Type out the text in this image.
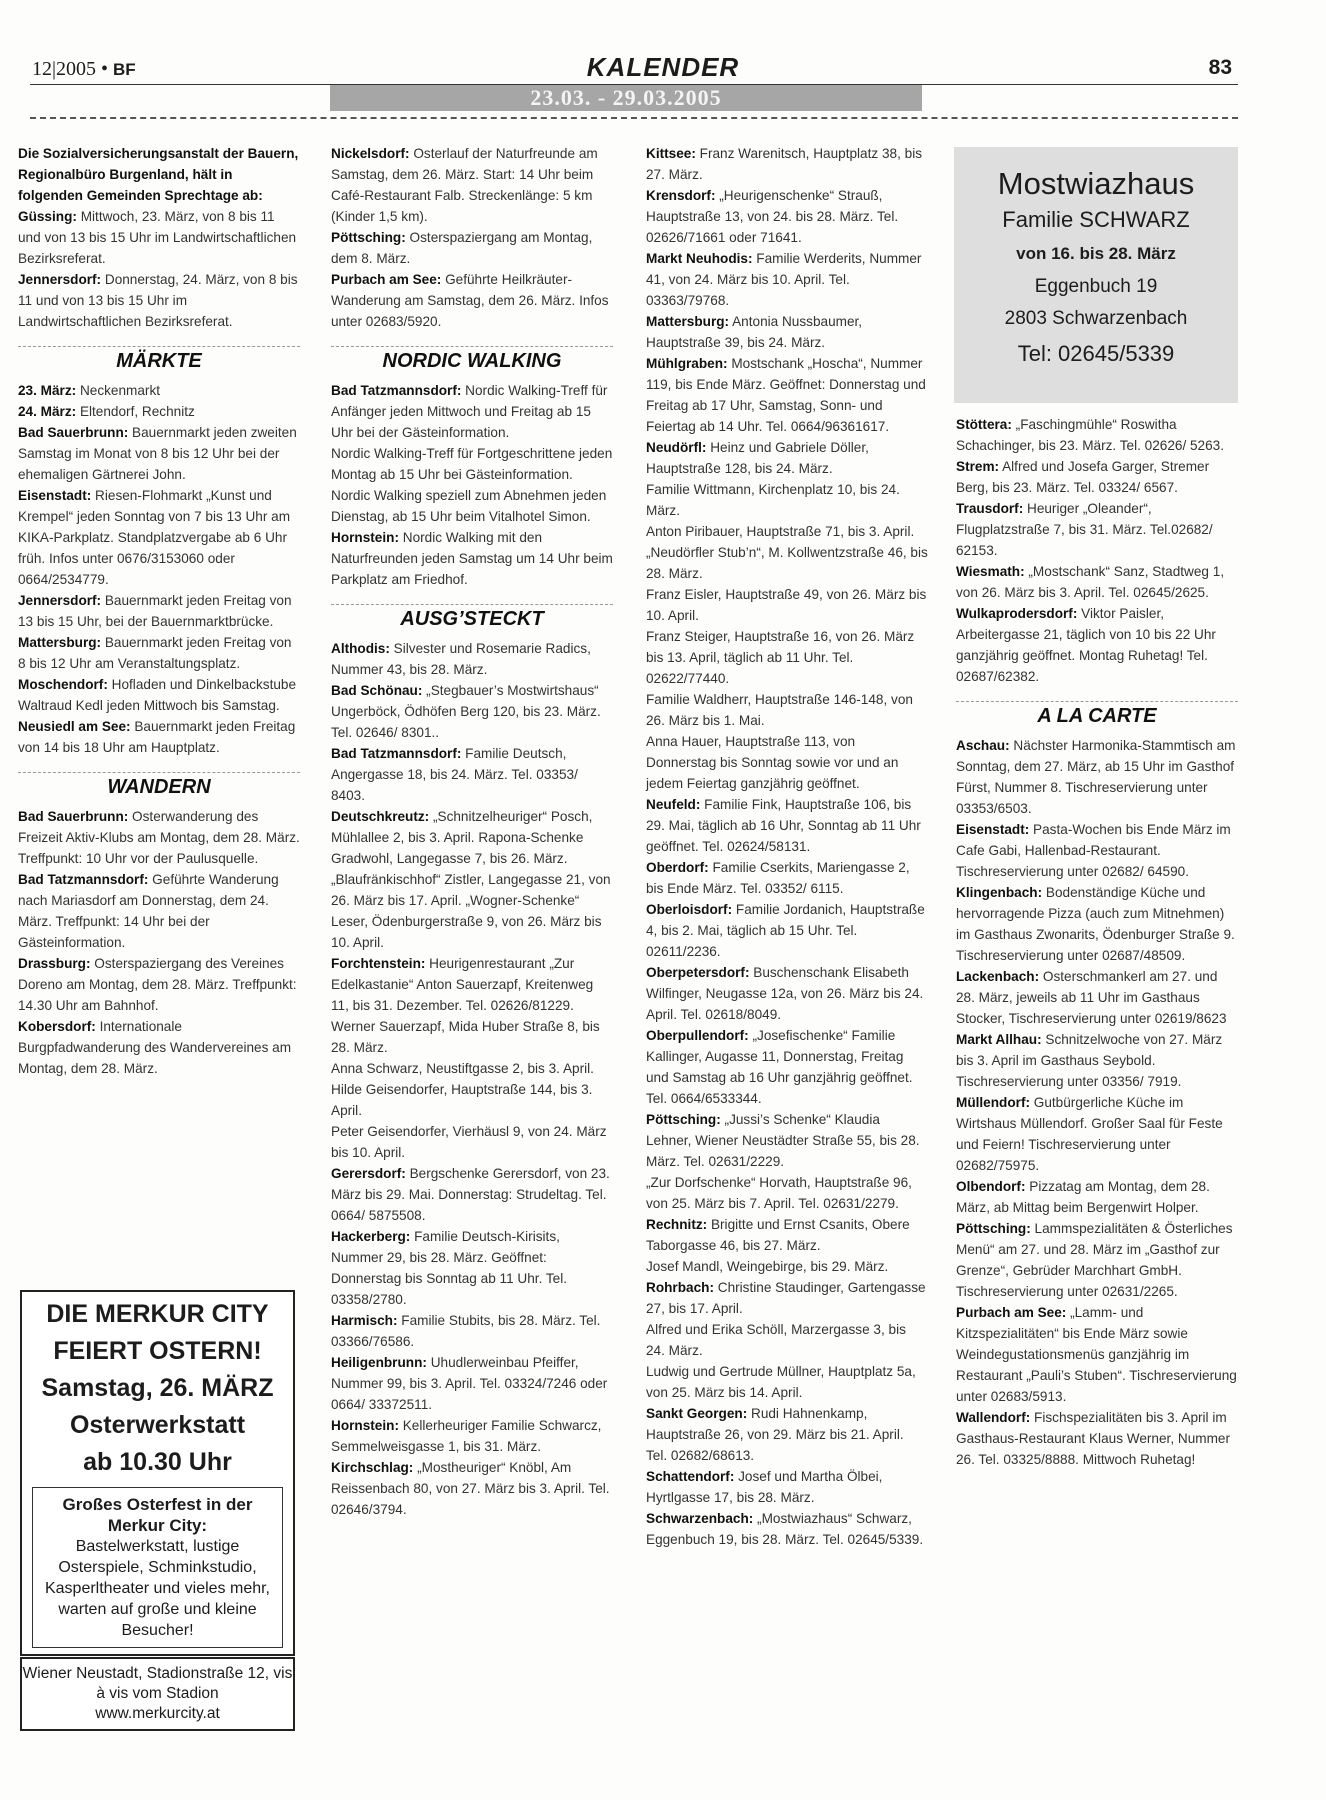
12|2005 • BF	KALENDER	83
23.03. - 29.03.2005

Die Sozialversicherungsanstalt der Bauern, Regionalbüro Burgenland, hält in folgenden Gemeinden Sprechtage ab:

Güssing: Mittwoch, 23. März, von 8 bis 11 und von 13 bis 15 Uhr im Landwirtschaftlichen Bezirksreferat.

Jennersdorf: Donnerstag, 24. März, von 8 bis 11 und von 13 bis 15 Uhr im Landwirtschaftlichen Bezirksreferat.

MÄRKTE

23. März: Neckenmarkt

24. März: Eltendorf, Rechnitz

Bad Sauerbrunn: Bauernmarkt jeden zweiten Samstag im Monat von 8 bis 12 Uhr bei der ehemaligen Gärtnerei John.

Eisenstadt: Riesen-Flohmarkt „Kunst und Krempel“ jeden Sonntag von 7 bis 13 Uhr am KIKA-Parkplatz. Standplatzvergabe ab 6 Uhr früh. Infos unter 0676/3153060 oder 0664/2534779.

Jennersdorf: Bauernmarkt jeden Freitag von 13 bis 15 Uhr, bei der Bauernmarktbrücke.

Mattersburg: Bauernmarkt jeden Freitag von 8 bis 12 Uhr am Veranstaltungsplatz.

Moschendorf: Hofladen und Dinkelbackstube Waltraud Kedl jeden Mittwoch bis Samstag.

Neusiedl am See: Bauernmarkt jeden Freitag von 14 bis 18 Uhr am Hauptplatz.

WANDERN

Bad Sauerbrunn: Osterwanderung des Freizeit Aktiv-Klubs am Montag, dem 28. März. Treffpunkt: 10 Uhr vor der Paulusquelle.

Bad Tatzmannsdorf: Geführte Wanderung nach Mariasdorf am Donnerstag, dem 24. März. Treffpunkt: 14 Uhr bei der Gästeinformation.

Drassburg: Osterspaziergang des Vereines Doreno am Montag, dem 28. März. Treffpunkt: 14.30 Uhr am Bahnhof.

Kobersdorf: Internationale Burgpfadwanderung des Wandervereines am Montag, dem 28. März.

DIE MERKUR CITY
FEIERT OSTERN!
Samstag, 26. MÄRZ
Osterwerkstatt
ab 10.30 Uhr
Großes Osterfest in der Merkur City:
Bastelwerkstatt, lustige Osterspiele, Schminkstudio, Kasperltheater und vieles mehr, warten auf große und kleine Besucher!
Wiener Neustadt, Stadionstraße 12, vis à vis vom Stadion
www.merkurcity.at

Nickelsdorf: Osterlauf der Naturfreunde am Samstag, dem 26. März. Start: 14 Uhr beim Café-Restaurant Falb. Streckenlänge: 5 km (Kinder 1,5 km).

Pöttsching: Osterspaziergang am Montag, dem 8. März.

Purbach am See: Geführte Heilkräuter-Wanderung am Samstag, dem 26. März. Infos unter 02683/5920.

NORDIC WALKING

Bad Tatzmannsdorf: Nordic Walking-Treff für Anfänger jeden Mittwoch und Freitag ab 15 Uhr bei der Gästeinformation.

Nordic Walking-Treff für Fortgeschrittene jeden Montag ab 15 Uhr bei Gästeinformation.

Nordic Walking speziell zum Abnehmen jeden Dienstag, ab 15 Uhr beim Vitalhotel Simon.

Hornstein: Nordic Walking mit den Naturfreunden jeden Samstag um 14 Uhr beim Parkplatz am Friedhof.

AUSG’STECKT

Althodis: Silvester und Rosemarie Radics, Nummer 43, bis 28. März.

Bad Schönau: „Stegbauer’s Mostwirtshaus“ Ungerböck, Ödhöfen Berg 120, bis 23. März. Tel. 02646/ 8301..

Bad Tatzmannsdorf: Familie Deutsch, Angergasse 18, bis 24. März. Tel. 03353/ 8403.

Deutschkreutz: „Schnitzelheuriger“ Posch, Mühlallee 2, bis 3. April. Rapona-Schenke Gradwohl, Langegasse 7, bis 26. März. „Blaufränkischhof“ Zistler, Langegasse 21, von 26. März bis 17. April. „Wogner-Schenke“ Leser, Ödenburgerstraße 9, von 26. März bis 10. April.

Forchtenstein: Heurigenrestaurant „Zur Edelkastanie“ Anton Sauerzapf, Kreitenweg 11, bis 31. Dezember. Tel. 02626/81229.

Werner Sauerzapf, Mida Huber Straße 8, bis 28. März.

Anna Schwarz, Neustiftgasse 2, bis 3. April.

Hilde Geisendorfer, Hauptstraße 144, bis 3. April.

Peter Geisendorfer, Vierhäusl 9, von 24. März bis 10. April.

Gerersdorf: Bergschenke Gerersdorf, von 23. März bis 29. Mai. Donnerstag: Strudeltag. Tel. 0664/ 5875508.

Hackerberg: Familie Deutsch-Kirisits, Nummer 29, bis 28. März. Geöffnet: Donnerstag bis Sonntag ab 11 Uhr. Tel. 03358/2780.

Harmisch: Familie Stubits, bis 28. März. Tel. 03366/76586.

Heiligenbrunn: Uhudlerweinbau Pfeiffer, Nummer 99, bis 3. April. Tel. 03324/7246 oder 0664/ 33372511.

Hornstein: Kellerheuriger Familie Schwarcz, Semmelweisgasse 1, bis 31. März.

Kirchschlag: „Mostheuriger“ Knöbl, Am Reissenbach 80, von 27. März bis 3. April. Tel. 02646/3794.

Kittsee: Franz Warenitsch, Hauptplatz 38, bis 27. März.

Krensdorf: „Heurigenschenke“ Strauß, Hauptstraße 13, von 24. bis 28. März. Tel. 02626/71661 oder 71641.

Markt Neuhodis: Familie Werderits, Nummer 41, von 24. März bis 10. April. Tel. 03363/79768.

Mattersburg: Antonia Nussbaumer, Hauptstraße 39, bis 24. März.

Mühlgraben: Mostschank „Hoscha“, Nummer 119, bis Ende März. Geöffnet: Donnerstag und Freitag ab 17 Uhr, Samstag, Sonn- und Feiertag ab 14 Uhr. Tel. 0664/96361617.

Neudörfl: Heinz und Gabriele Döller, Hauptstraße 128, bis 24. März.

Familie Wittmann, Kirchenplatz 10, bis 24. März.

Anton Piribauer, Hauptstraße 71, bis 3. April.

„Neudörfler Stub’n“, M. Kollwentzstraße 46, bis 28. März.

Franz Eisler, Hauptstraße 49, von 26. März bis 10. April.

Franz Steiger, Hauptstraße 16, von 26. März bis 13. April, täglich ab 11 Uhr. Tel. 02622/77440.

Familie Waldherr, Hauptstraße 146-148, von 26. März bis 1. Mai.

Anna Hauer, Hauptstraße 113, von Donnerstag bis Sonntag sowie vor und an jedem Feiertag ganzjährig geöffnet.

Neufeld: Familie Fink, Hauptstraße 106, bis 29. Mai, täglich ab 16 Uhr, Sonntag ab 11 Uhr geöffnet. Tel. 02624/58131.

Oberdorf: Familie Cserkits, Mariengasse 2, bis Ende März. Tel. 03352/ 6115.

Oberloisdorf: Familie Jordanich, Hauptstraße 4, bis 2. Mai, täglich ab 15 Uhr. Tel. 02611/2236.

Oberpetersdorf: Buschenschank Elisabeth Wilfinger, Neugasse 12a, von 26. März bis 24. April. Tel. 02618/8049.

Oberpullendorf: „Josefischenke“ Familie Kallinger, Augasse 11, Donnerstag, Freitag und Samstag ab 16 Uhr ganzjährig geöffnet. Tel. 0664/6533344.

Pöttsching: „Jussi’s Schenke“ Klaudia Lehner, Wiener Neustädter Straße 55, bis 28. März. Tel. 02631/2229.

„Zur Dorfschenke“ Horvath, Hauptstraße 96, von 25. März bis 7. April. Tel. 02631/2279.

Rechnitz: Brigitte und Ernst Csanits, Obere Taborgasse 46, bis 27. März.

Josef Mandl, Weingebirge, bis 29. März.

Rohrbach: Christine Staudinger, Gartengasse 27, bis 17. April.

Alfred und Erika Schöll, Marzergasse 3, bis 24. März.

Ludwig und Gertrude Müllner, Hauptplatz 5a, von 25. März bis 14. April.

Sankt Georgen: Rudi Hahnenkamp, Hauptstraße 26, von 29. März bis 21. April. Tel. 02682/68613.

Schattendorf: Josef und Martha Ölbei, Hyrtlgasse 17, bis 28. März.

Schwarzenbach: „Mostwiazhaus“ Schwarz, Eggenbuch 19, bis 28. März. Tel. 02645/5339.

Mostwiazhaus
Familie SCHWARZ
von 16. bis 28. März
Eggenbuch 19
2803 Schwarzenbach
Tel: 02645/5339

Stöttera: „Faschingmühle“ Roswitha Schachinger, bis 23. März. Tel. 02626/ 5263.

Strem: Alfred und Josefa Garger, Stremer Berg, bis 23. März. Tel. 03324/ 6567.

Trausdorf: Heuriger „Oleander“, Flugplatzstraße 7, bis 31. März. Tel.02682/ 62153.

Wiesmath: „Mostschank“ Sanz, Stadtweg 1, von 26. März bis 3. April. Tel. 02645/2625.

Wulkaprodersdorf: Viktor Paisler, Arbeitergasse 21, täglich von 10 bis 22 Uhr ganzjährig geöffnet. Montag Ruhetag! Tel. 02687/62382.

A LA CARTE

Aschau: Nächster Harmonika-Stammtisch am Sonntag, dem 27. März, ab 15 Uhr im Gasthof Fürst, Nummer 8. Tischreservierung unter 03353/6503.

Eisenstadt: Pasta-Wochen bis Ende März im Cafe Gabi, Hallenbad-Restaurant. Tischreservierung unter 02682/ 64590.

Klingenbach: Bodenständige Küche und hervorragende Pizza (auch zum Mitnehmen) im Gasthaus Zwonarits, Ödenburger Straße 9. Tischreservierung unter 02687/48509.

Lackenbach: Osterschmankerl am 27. und 28. März, jeweils ab 11 Uhr im Gasthaus Stocker, Tischreservierung unter 02619/8623

Markt Allhau: Schnitzelwoche von 27. März bis 3. April im Gasthaus Seybold. Tischreservierung unter 03356/ 7919.

Müllendorf: Gutbürgerliche Küche im Wirtshaus Müllendorf. Großer Saal für Feste und Feiern! Tischreservierung unter 02682/75975.

Olbendorf: Pizzatag am Montag, dem 28. März, ab Mittag beim Bergenwirt Holper.

Pöttsching: Lammspezialitäten & Österliches Menü“ am 27. und 28. März im „Gasthof zur Grenze“, Gebrüder Marchhart GmbH. Tischreservierung unter 02631/2265.

Purbach am See: „Lamm- und Kitzspezialitäten“ bis Ende März sowie Weindegustationsmenüs ganzjährig im Restaurant „Pauli’s Stuben“. Tischreservierung unter 02683/5913.

Wallendorf: Fischspezialitäten bis 3. April im Gasthaus-Restaurant Klaus Werner, Nummer 26. Tel. 03325/8888. Mittwoch Ruhetag!
